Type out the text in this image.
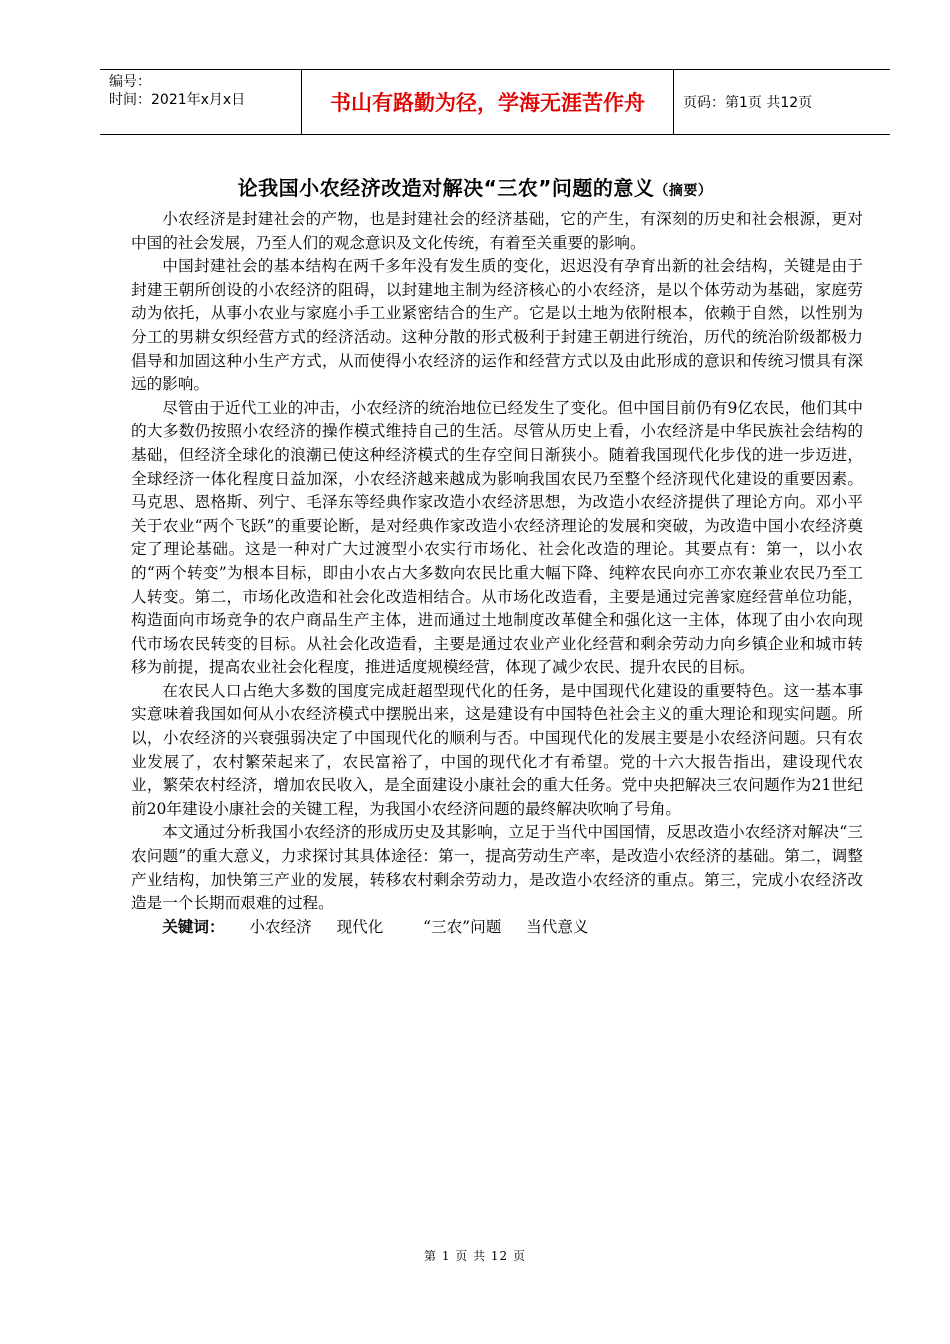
编号：
时间：2021年x月x日	书山有路勤为径，学海无涯苦作舟	页码：第1页 共12页
论我国小农经济改造对解决“三农”问题的意义（摘要）

小农经济是封建社会的产物，也是封建社会的经济基础，它的产生，有深刻的历史和社会根源，更对中国的社会发展，乃至人们的观念意识及文化传统，有着至关重要的影响。

中国封建社会的基本结构在两千多年没有发生质的变化，迟迟没有孕育出新的社会结构，关键是由于封建王朝所创设的小农经济的阻碍，以封建地主制为经济核心的小农经济，是以个体劳动为基础，家庭劳动为依托，从事小农业与家庭小手工业紧密结合的生产。它是以土地为依附根本，依赖于自然，以性别为分工的男耕女织经营方式的经济活动。这种分散的形式极利于封建王朝进行统治，历代的统治阶级都极力倡导和加固这种小生产方式，从而使得小农经济的运作和经营方式以及由此形成的意识和传统习惯具有深远的影响。

尽管由于近代工业的冲击，小农经济的统治地位已经发生了变化。但中国目前仍有9亿农民，他们其中的大多数仍按照小农经济的操作模式维持自己的生活。尽管从历史上看，小农经济是中华民族社会结构的基础，但经济全球化的浪潮已使这种经济模式的生存空间日渐狭小。随着我国现代化步伐的进一步迈进，全球经济一体化程度日益加深，小农经济越来越成为影响我国农民乃至整个经济现代化建设的重要因素。马克思、恩格斯、列宁、毛泽东等经典作家改造小农经济思想，为改造小农经济提供了理论方向。邓小平关于农业“两个飞跃”的重要论断，是对经典作家改造小农经济理论的发展和突破，为改造中国小农经济奠定了理论基础。这是一种对广大过渡型小农实行市场化、社会化改造的理论。其要点有：第一，以小农的“两个转变”为根本目标，即由小农占大多数向农民比重大幅下降、纯粹农民向亦工亦农兼业农民乃至工人转变。第二，市场化改造和社会化改造相结合。从市场化改造看，主要是通过完善家庭经营单位功能，构造面向市场竞争的农户商品生产主体，进而通过土地制度改革健全和强化这一主体，体现了由小农向现代市场农民转变的目标。从社会化改造看，主要是通过农业产业化经营和剩余劳动力向乡镇企业和城市转移为前提，提高农业社会化程度，推进适度规模经营，体现了减少农民、提升农民的目标。

在农民人口占绝大多数的国度完成赶超型现代化的任务，是中国现代化建设的重要特色。这一基本事实意味着我国如何从小农经济模式中摆脱出来，这是建设有中国特色社会主义的重大理论和现实问题。所以，小农经济的兴衰强弱决定了中国现代化的顺利与否。中国现代化的发展主要是小农经济问题。只有农业发展了，农村繁荣起来了，农民富裕了，中国的现代化才有希望。党的十六大报告指出，建设现代农业，繁荣农村经济，增加农民收入，是全面建设小康社会的重大任务。党中央把解决三农问题作为21世纪前20年建设小康社会的关键工程，为我国小农经济问题的最终解决吹响了号角。

本文通过分析我国小农经济的形成历史及其影响，立足于当代中国国情，反思改造小农经济对解决“三农问题”的重大意义，力求探讨其具体途径：第一，提高劳动生产率，是改造小农经济的基础。第二，调整产业结构，加快第三产业的发展，转移农村剩余劳动力，是改造小农经济的重点。第三，完成小农经济改造是一个长期而艰难的过程。

关键词： 小农经济 现代化	“三农”问题 当代意义

第 1 页 共 12 页
